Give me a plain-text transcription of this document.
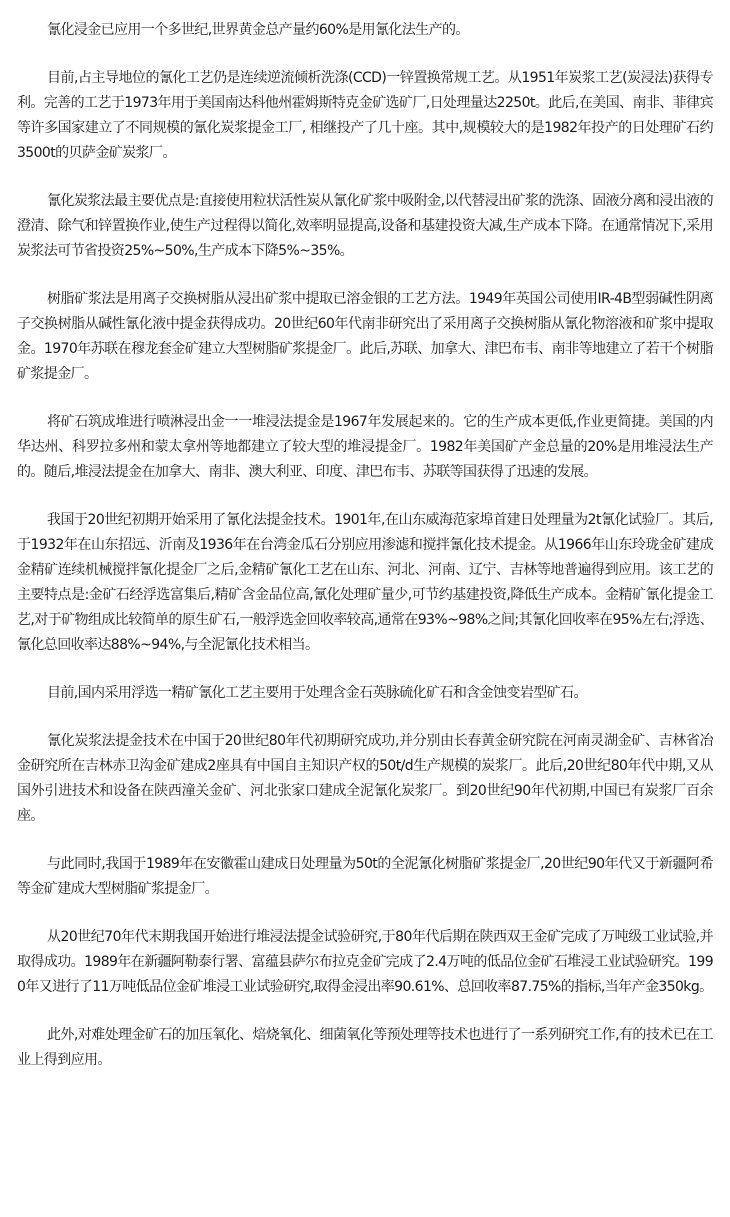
氰化浸金已应用一个多世纪,世界黄金总产量约60%是用氰化法生产的。

目前,占主导地位的氰化工艺仍是连续逆流倾析洗涤(CCD)一锌置换常规工艺。从1951年炭浆工艺(炭浸法)获得专利。完善的工艺于1973年用于美国南达科他州霍姆斯特克金矿选矿厂,日处理量达2250t。此后,在美国、南非、菲律宾等许多国家建立了不同规模的氰化炭浆提金工厂, 相继投产了几十座。其中,规模较大的是1982年投产的日处理矿石约3500t的贝萨金矿炭浆厂。

氰化炭浆法最主要优点是:直接使用粒状活性炭从氰化矿浆中吸附金,以代替浸出矿浆的洗涤、固液分离和浸出液的澄清、除气和锌置换作业,使生产过程得以简化,效率明显提高,设备和基建投资大减,生产成本下降。在通常情况下,采用炭浆法可节省投资25%~50%,生产成本下降5%~35%。

树脂矿浆法是用离子交换树脂从浸出矿浆中提取已溶金银的工艺方法。1949年英国公司使用IR-4B型弱碱性阴离子交换树脂从碱性氰化液中提金获得成功。20世纪60年代南非研究出了采用离子交换树脂从氰化物溶液和矿浆中提取金。1970年苏联在穆龙套金矿建立大型树脂矿浆提金厂。此后,苏联、加拿大、津巴布韦、南非等地建立了若干个树脂矿浆提金厂。

将矿石筑成堆进行喷淋浸出金一一堆浸法提金是1967年发展起来的。它的生产成本更低,作业更简捷。美国的内华达州、科罗拉多州和蒙太拿州等地都建立了较大型的堆浸提金厂。1982年美国矿产金总量的20%是用堆浸法生产的。随后,堆浸法提金在加拿大、南非、澳大利亚、印度、津巴布韦、苏联等国获得了迅速的发展。

我国于20世纪初期开始采用了氰化法提金技术。1901年,在山东威海范家埠首建日处理量为2t氰化试验厂。其后,于1932年在山东招远、沂南及1936年在台湾金瓜石分别应用渗滤和搅拌氰化技术提金。从1966年山东玲珑金矿建成金精矿连续机械搅拌氰化提金厂之后,金精矿氰化工艺在山东、河北、河南、辽宁、吉林等地普遍得到应用。该工艺的主要特点是:金矿石经浮选富集后,精矿含金品位高,氰化处理矿量少,可节约基建投资,降低生产成本。金精矿氰化提金工艺,对于矿物组成比较简单的原生矿石,一般浮选金回收率较高,通常在93%~98%之间;其氰化回收率在95%左右;浮选、氰化总回收率达88%~94%,与全泥氰化技术相当。

目前,国内采用浮选一精矿氰化工艺主要用于处理含金石英脉硫化矿石和含金蚀变岩型矿石。

氰化炭浆法提金技术在中国于20世纪80年代初期研究成功,并分别由长春黄金研究院在河南灵湖金矿、吉林省冶金研究所在吉林赤卫沟金矿建成2座具有中国自主知识产权的50t/d生产规模的炭浆厂。此后,20世纪80年代中期,又从国外引进技术和设备在陕西潼关金矿、河北张家口建成全泥氰化炭浆厂。到20世纪90年代初期,中国已有炭浆厂百余座。

与此同时,我国于1989年在安徽霍山建成日处理量为50t的全泥氰化树脂矿浆提金厂,20世纪90年代又于新疆阿希等金矿建成大型树脂矿浆提金厂。

从20世纪70年代末期我国开始进行堆浸法提金试验研究,于80年代后期在陕西双王金矿完成了万吨级工业试验,并取得成功。1989年在新疆阿勒泰行署、富蕴县萨尔布拉克金矿完成了2.4万吨的低品位金矿石堆浸工业试验研究。1990年又进行了11万吨低品位金矿堆浸工业试验研究,取得金浸出率90.61%、总回收率87.75%的指标,当年产金350kg。

此外,对难处理金矿石的加压氧化、焙烧氧化、细菌氧化等预处理等技术也进行了一系列研究工作,有的技术已在工业上得到应用。
